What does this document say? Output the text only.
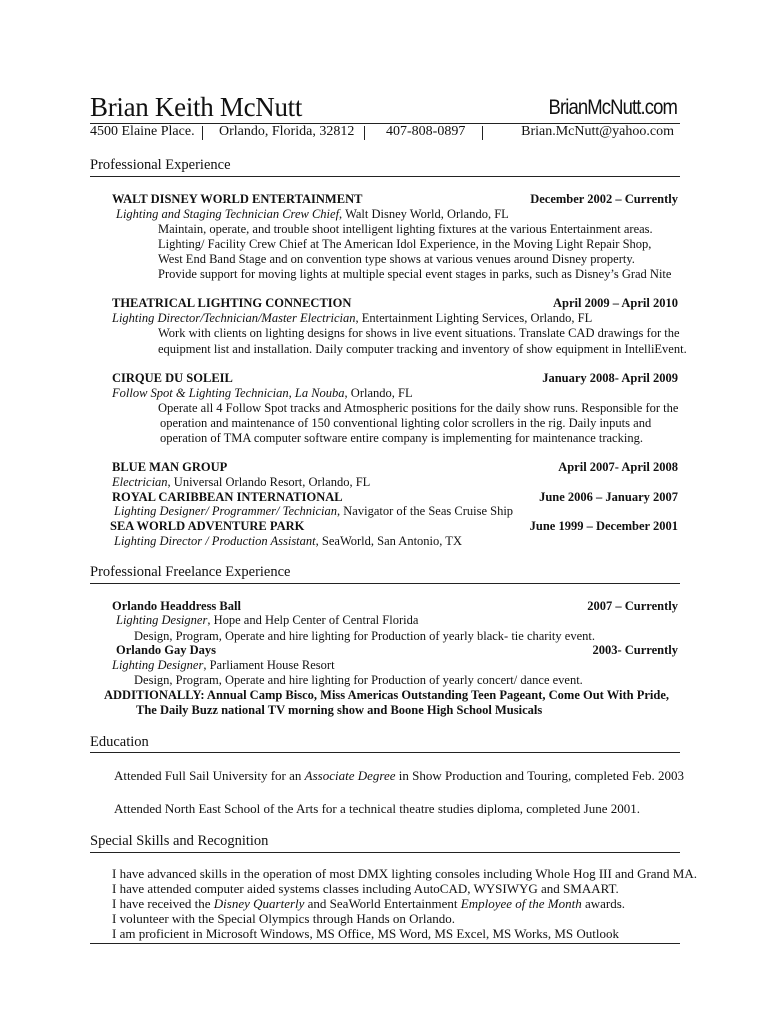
Brian Keith McNutt	BrianMcNutt.com
4500 Elaine Place. Orlando, Florida, 32812 407-808-0897	Brian.McNutt@yahoo.com
Professional Experience
WALT DISNEY WORLD ENTERTAINMENT	December 2002 – Currently
Lighting and Staging Technician Crew Chief, Walt Disney World, Orlando, FL
Maintain, operate, and trouble shoot intelligent lighting fixtures at the various Entertainment areas.
Lighting/ Facility Crew Chief at The American Idol Experience, in the Moving Light Repair Shop,
West End Band Stage and on convention type shows at various venues around Disney property.
Provide support for moving lights at multiple special event stages in parks, such as Disney’s Grad Nite
THEATRICAL LIGHTING CONNECTION	April 2009 – April 2010
Lighting Director/Technician/Master Electrician, Entertainment Lighting Services, Orlando, FL
Work with clients on lighting designs for shows in live event situations. Translate CAD drawings for the
equipment list and installation. Daily computer tracking and inventory of show equipment in IntelliEvent.
CIRQUE DU SOLEIL	January 2008- April 2009
Follow Spot & Lighting Technician, La Nouba, Orlando, FL
Operate all 4 Follow Spot tracks and Atmospheric positions for the daily show runs. Responsible for the
operation and maintenance of 150 conventional lighting color scrollers in the rig. Daily inputs and
operation of TMA computer software entire company is implementing for maintenance tracking.
BLUE MAN GROUP	April 2007- April 2008
Electrician, Universal Orlando Resort, Orlando, FL
ROYAL CARIBBEAN INTERNATIONAL	June 2006 – January 2007
Lighting Designer/ Programmer/ Technician, Navigator of the Seas Cruise Ship
SEA WORLD ADVENTURE PARK	June 1999 – December 2001
Lighting Director / Production Assistant, SeaWorld, San Antonio, TX
Professional Freelance Experience
Orlando Headdress Ball	2007 – Currently
Lighting Designer, Hope and Help Center of Central Florida
Design, Program, Operate and hire lighting for Production of yearly black- tie charity event.
Orlando Gay Days	2003- Currently
Lighting Designer, Parliament House Resort
Design, Program, Operate and hire lighting for Production of yearly concert/ dance event.
ADDITIONALLY: Annual Camp Bisco, Miss Americas Outstanding Teen Pageant, Come Out With Pride,
The Daily Buzz national TV morning show and Boone High School Musicals
Education
Attended Full Sail University for an Associate Degree in Show Production and Touring, completed Feb. 2003
Attended North East School of the Arts for a technical theatre studies diploma, completed June 2001.
Special Skills and Recognition
I have advanced skills in the operation of most DMX lighting consoles including Whole Hog III and Grand MA.
I have attended computer aided systems classes including AutoCAD, WYSIWYG and SMAART.
I have received the Disney Quarterly and SeaWorld Entertainment Employee of the Month awards.
I volunteer with the Special Olympics through Hands on Orlando.
I am proficient in Microsoft Windows, MS Office, MS Word, MS Excel, MS Works, MS Outlook
